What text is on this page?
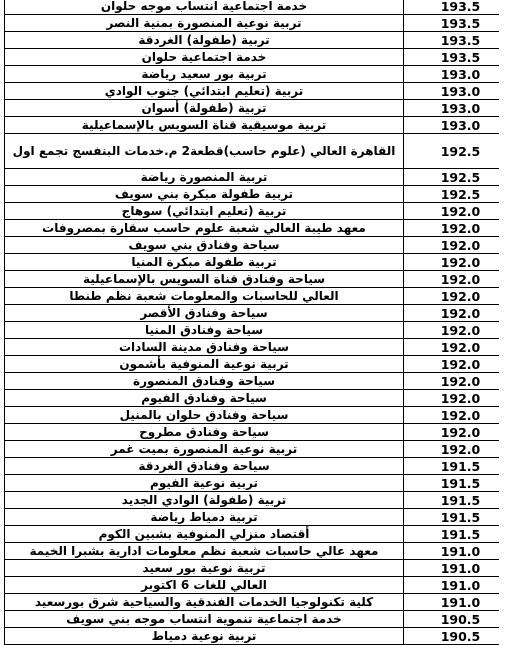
خدمة اجتماعية انتساب موجه حلوان	193.5
تربية نوعية المنصورة بمنية النصر	193.5
تربية (طفولة) الغردقة	193.5
خدمة اجتماعية حلوان	193.5
تربية بور سعيد رياضة	193.0
تربية (تعليم ابتدائي) جنوب الوادي	193.0
تربية (طفولة) أسوان	193.0
تربية موسيقية قناة السويس بالإسماعيلية	193.0
القاهرة العالي (علوم حاسب)قطعة2 م.خدمات البنفسج تجمع اول	192.5
تربية المنصورة رياضة	192.5
تربية طفولة مبكرة بني سويف	192.5
تربية (تعليم ابتدائي) سوهاج	192.0
معهد طيبة العالي شعبة علوم حاسب سقارة بمصروفات	192.0
سياحة وفنادق بني سويف	192.0
تربية طفولة مبكرة المنيا	192.0
سياحة وفنادق قناة السويس بالإسماعيلية	192.0
العالي للحاسبات والمعلومات شعبة نظم طنطا	192.0
سياحة وفنادق الأقصر	192.0
سياحة وفنادق المنيا	192.0
سياحة وفنادق مدينة السادات	192.0
تربية نوعية المنوفية بأشمون	192.0
سياحة وفنادق المنصورة	192.0
سياحة وفنادق الفيوم	192.0
سياحة وفنادق حلوان بالمنيل	192.0
سياحة وفنادق مطروح	192.0
تربية نوعية المنصورة بميت غمر	192.0
سياحة وفنادق الغردقة	191.5
تربية نوعية الفيوم	191.5
تربية (طفولة) الوادي الجديد	191.5
تربية دمياط رياضة	191.5
أقتصاد منزلي المنوفية بشبين الكوم	191.5
معهد عالي حاسبات شعبة نظم معلومات ادارية بشبرا الخيمة	191.0
تربية نوعية بور سعيد	191.0
العالي للغات 6 اكتوبر	191.0
كلية تكنولوجيا الخدمات الفندقية والسياحية شرق بورسعيد	191.0
خدمة اجتماعية تنموية انتساب موجه بني سويف	190.5
تربية نوعية دمياط	190.5
